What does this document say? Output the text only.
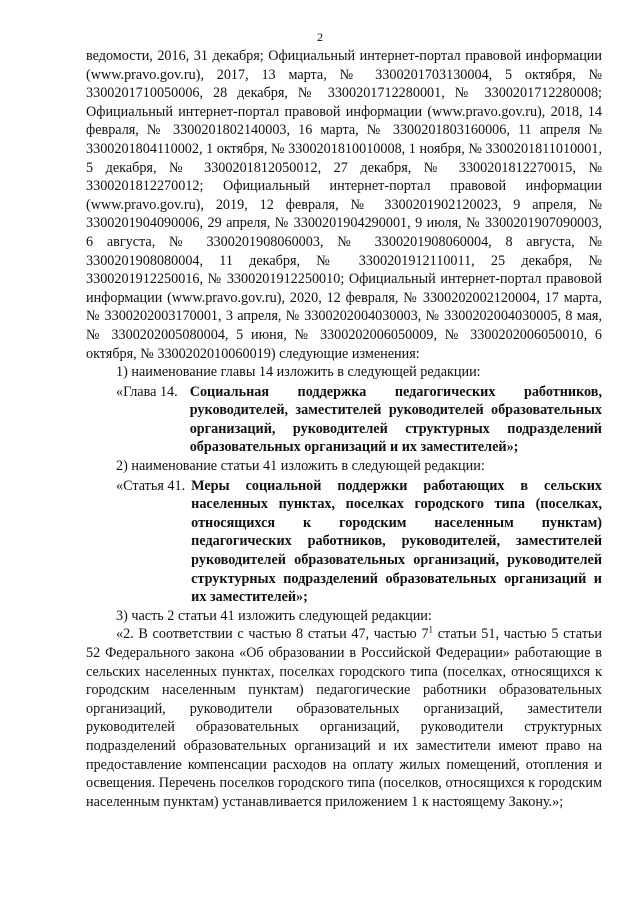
2

ведомости, 2016, 31 декабря; Официальный интернет-портал правовой информации (www.pravo.gov.ru), 2017, 13 марта, № 3300201703130004, 5 октября, № 3300201710050006, 28 декабря, № 3300201712280001, № 3300201712280008; Официальный интернет-портал правовой информации (www.pravo.gov.ru), 2018, 14 февраля, № 3300201802140003, 16 марта, № 3300201803160006, 11 апреля № 3300201804110002, 1 октября, № 3300201810010008, 1 ноября, № 3300201811010001, 5 декабря, № 3300201812050012, 27 декабря, № 3300201812270015, № 3300201812270012; Официальный интернет-портал правовой информации (www.pravo.gov.ru), 2019, 12 февраля, № 3300201902120023, 9 апреля, № 3300201904090006, 29 апреля, № 3300201904290001, 9 июля, № 3300201907090003, 6 августа, № 3300201908060003, № 3300201908060004, 8 августа, № 3300201908080004, 11 декабря, № 3300201912110011, 25 декабря, № 3300201912250016, № 3300201912250010; Официальный интернет-портал правовой информации (www.pravo.gov.ru), 2020, 12 февраля, № 3300202002120004, 17 марта, № 3300202003170001, 3 апреля, № 3300202004030003, № 3300202004030005, 8 мая, № 3300202005080004, 5 июня, № 3300202006050009, № 3300202006050010, 6 октября, № 3300202010060019) следующие изменения:

1) наименование главы 14 изложить в следующей редакции:

«Глава 14. Социальная поддержка педагогических работников, руководителей, заместителей руководителей образовательных организаций, руководителей структурных подразделений образовательных организаций и их заместителей»;

2) наименование статьи 41 изложить в следующей редакции:

«Статья 41. Меры социальной поддержки работающих в сельских населенных пунктах, поселках городского типа (поселках, относящихся к городским населенным пунктам) педагогических работников, руководителей, заместителей руководителей образовательных организаций, руководителей структурных подразделений образовательных организаций и их заместителей»;

3) часть 2 статьи 41 изложить следующей редакции:

«2. В соответствии с частью 8 статьи 47, частью $7^1$ статьи 51, частью 5 статьи 52 Федерального закона «Об образовании в Российской Федерации» работающие в сельских населенных пунктах, поселках городского типа (поселках, относящихся к городским населенным пунктам) педагогические работники образовательных организаций, руководители образовательных организаций, заместители руководителей образовательных организаций, руководители структурных подразделений образовательных организаций и их заместители имеют право на предоставление компенсации расходов на оплату жилых помещений, отопления и освещения. Перечень поселков городского типа (поселков, относящихся к городским населенным пунктам) устанавливается приложением 1 к настоящему Закону.»;
